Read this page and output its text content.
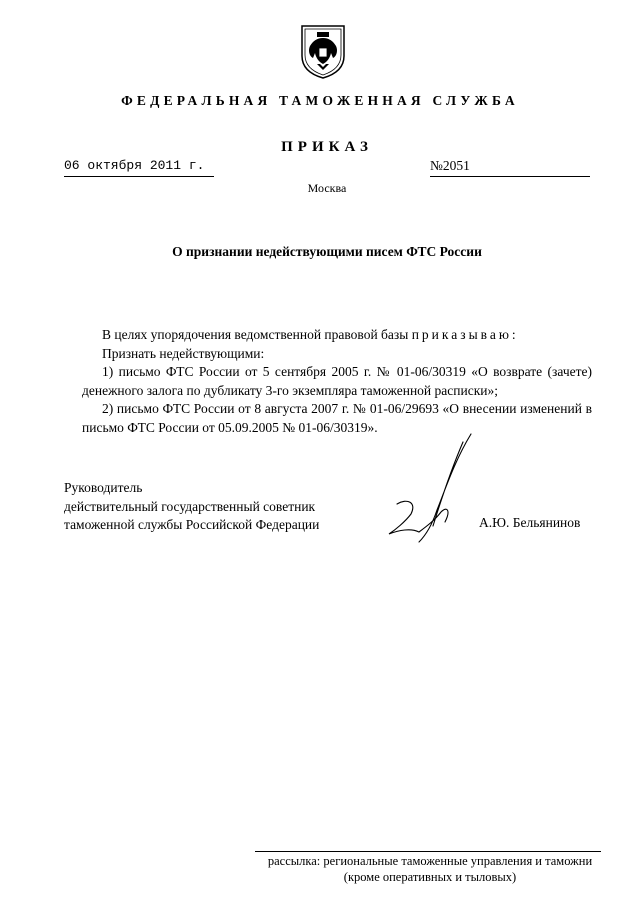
ФЕДЕРАЛЬНАЯ ТАМОЖЕННАЯ СЛУЖБА
ПРИКАЗ
06 октября 2011 г.	№2051
Москва
О признании недействующими писем ФТС России

В целях упорядочения ведомственной правовой базы приказываю:

Признать недействующими:

1) письмо ФТС России от 5 сентября 2005 г. № 01-06/30319 «О возврате (зачете) денежного залога по дубликату 3-го экземпляра таможенной расписки»;

2) письмо ФТС России от 8 августа 2007 г. № 01-06/29693 «О внесении изменений в письмо ФТС России от 05.09.2005 № 01-06/30319».

Руководитель
действительный государственный советник
таможенной службы Российской Федерации	А.Ю. Бельянинов
рассылка: региональные таможенные управления и таможни
(кроме оперативных и тыловых)
